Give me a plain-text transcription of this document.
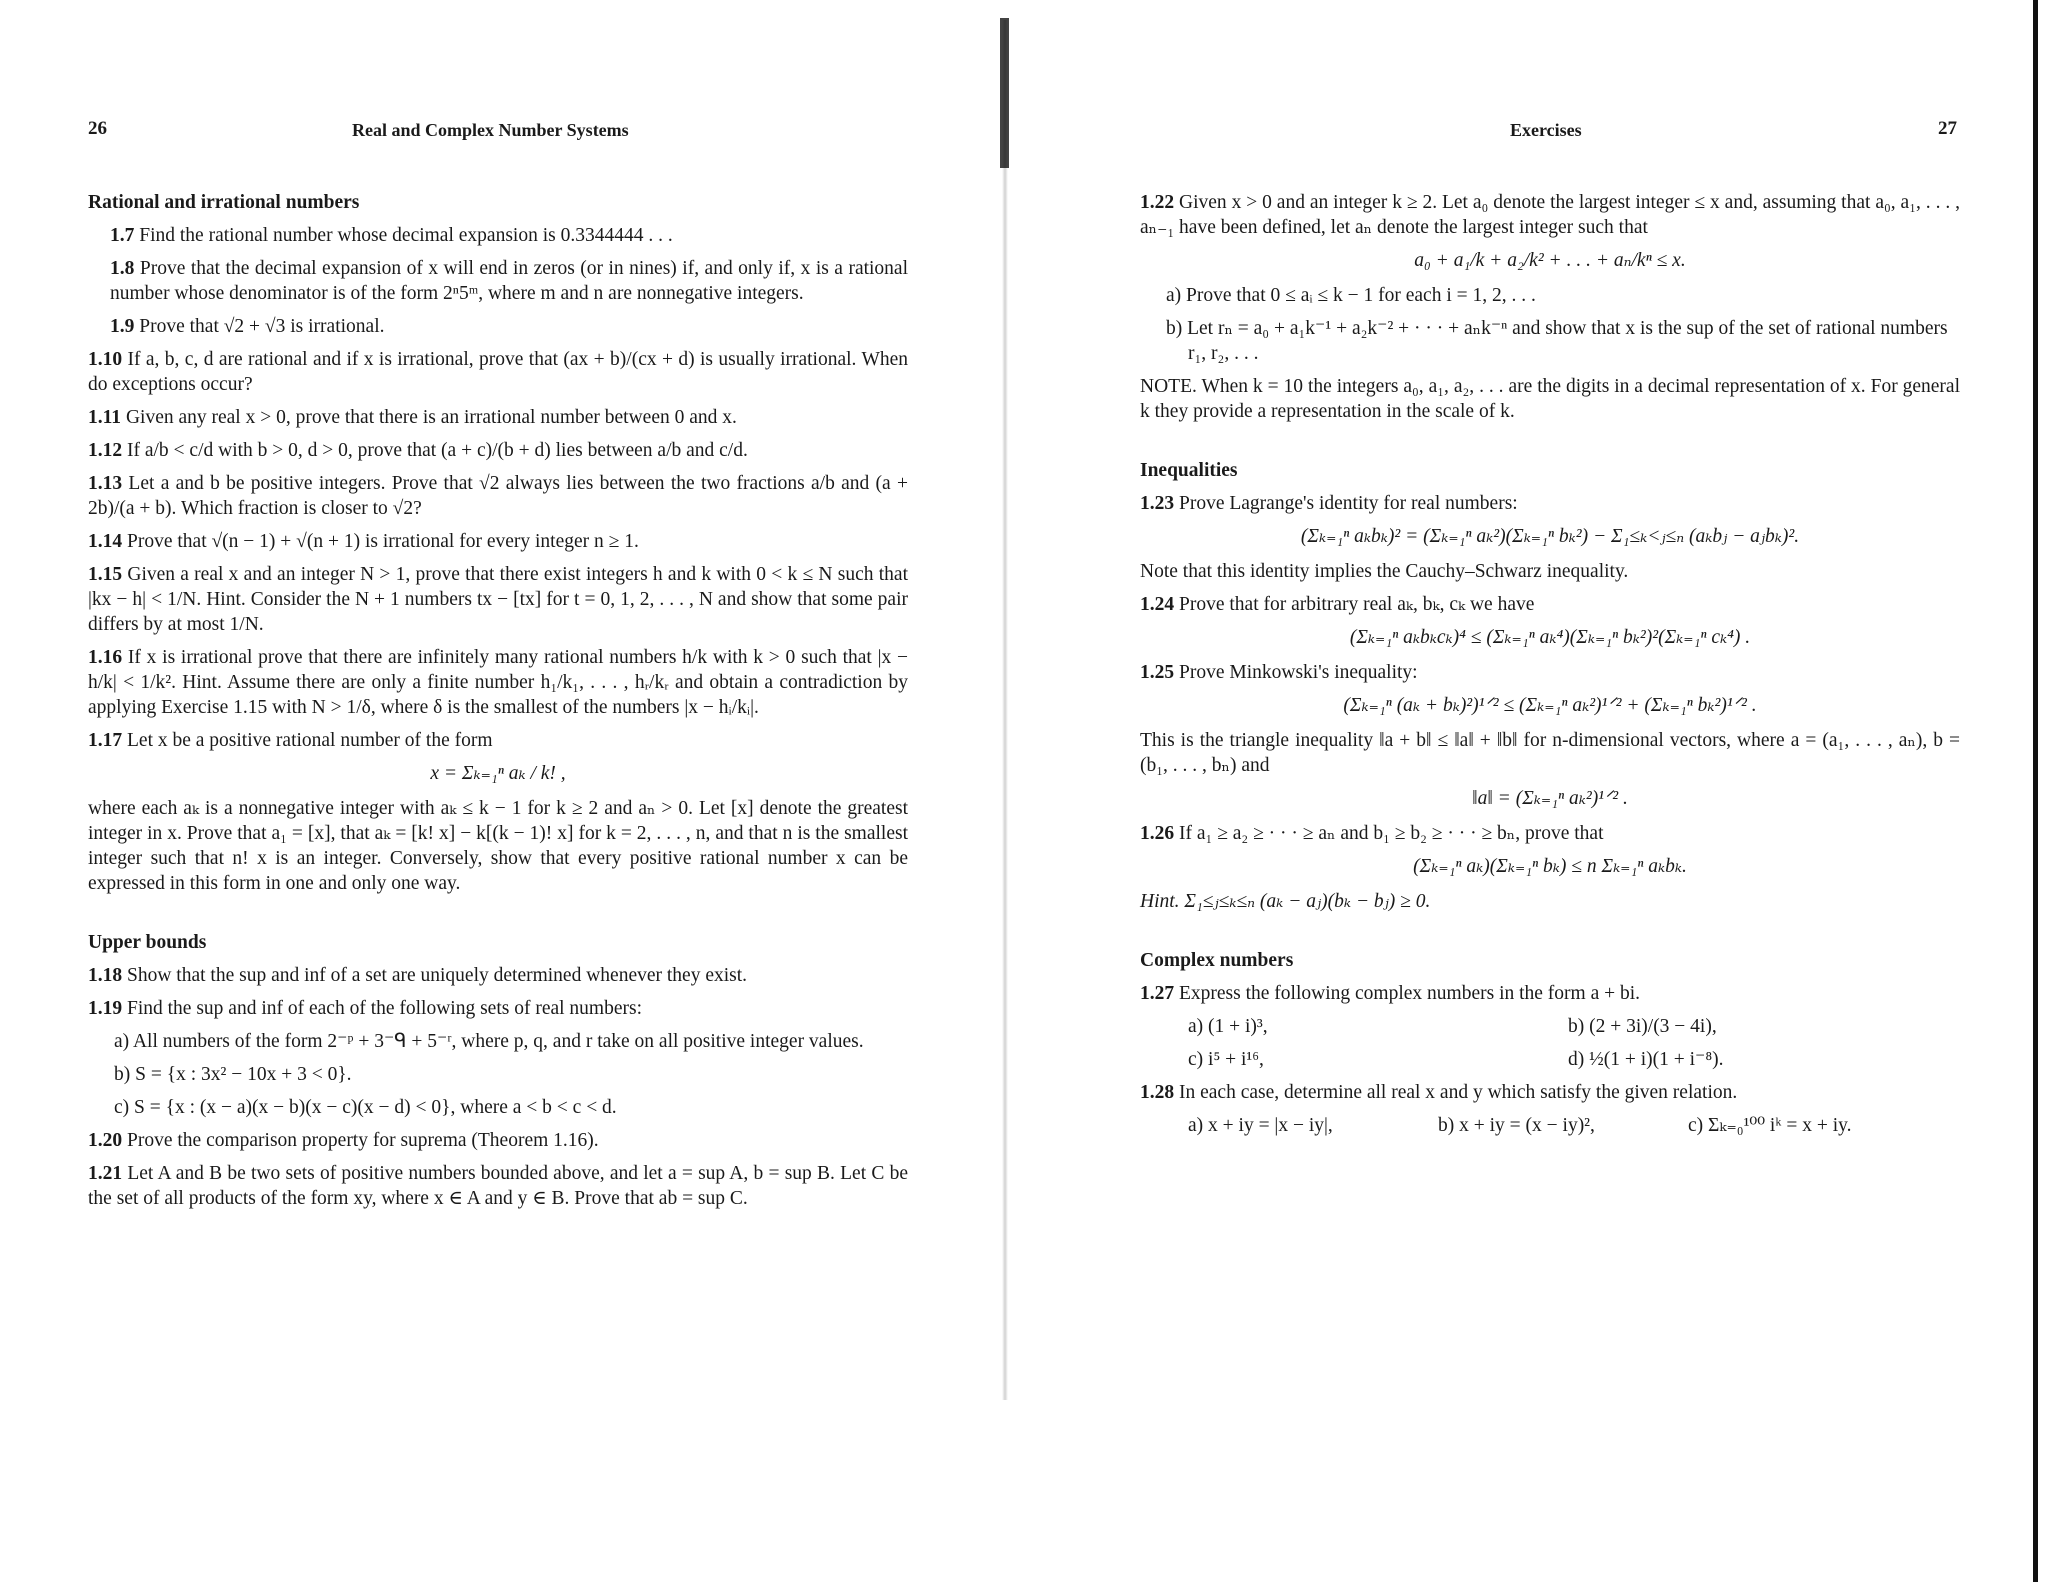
26	Real and Complex Number Systems
Rational and irrational numbers
1.7 Find the rational number whose decimal expansion is 0.3344444 . . .
1.8 Prove that the decimal expansion of x will end in zeros (or in nines) if, and only if, x is a rational number whose denominator is of the form 2ⁿ5ᵐ, where m and n are nonnegative integers.
1.9 Prove that √2 + √3 is irrational.
1.10 If a, b, c, d are rational and if x is irrational, prove that (ax + b)/(cx + d) is usually irrational. When do exceptions occur?
1.11 Given any real x > 0, prove that there is an irrational number between 0 and x.
1.12 If a/b < c/d with b > 0, d > 0, prove that (a + c)/(b + d) lies between a/b and c/d.
1.13 Let a and b be positive integers. Prove that √2 always lies between the two fractions a/b and (a + 2b)/(a + b). Which fraction is closer to √2?
1.14 Prove that √(n − 1) + √(n + 1) is irrational for every integer n ≥ 1.
1.15 Given a real x and an integer N > 1, prove that there exist integers h and k with 0 < k ≤ N such that |kx − h| < 1/N. Hint. Consider the N + 1 numbers tx − [tx] for t = 0, 1, 2, . . . , N and show that some pair differs by at most 1/N.
1.16 If x is irrational prove that there are infinitely many rational numbers h/k with k > 0 such that |x − h/k| < 1/k². Hint. Assume there are only a finite number h₁/k₁, . . . , hᵣ/kᵣ and obtain a contradiction by applying Exercise 1.15 with N > 1/δ, where δ is the smallest of the numbers |x − hᵢ/kᵢ|.
1.17 Let x be a positive rational number of the form
x = Σₖ₌₁ⁿ aₖ / k! ,
where each aₖ is a nonnegative integer with aₖ ≤ k − 1 for k ≥ 2 and aₙ > 0. Let [x] denote the greatest integer in x. Prove that a₁ = [x], that aₖ = [k! x] − k[(k − 1)! x] for k = 2, . . . , n, and that n is the smallest integer such that n! x is an integer. Conversely, show that every positive rational number x can be expressed in this form in one and only one way.
Upper bounds
1.18 Show that the sup and inf of a set are uniquely determined whenever they exist.
1.19 Find the sup and inf of each of the following sets of real numbers:
a) All numbers of the form 2⁻ᵖ + 3⁻ᑫ + 5⁻ʳ, where p, q, and r take on all positive integer values.
b) S = {x : 3x² − 10x + 3 < 0}.
c) S = {x : (x − a)(x − b)(x − c)(x − d) < 0}, where a < b < c < d.
1.20 Prove the comparison property for suprema (Theorem 1.16).
1.21 Let A and B be two sets of positive numbers bounded above, and let a = sup A, b = sup B. Let C be the set of all products of the form xy, where x ∈ A and y ∈ B. Prove that ab = sup C.
Exercises	27
1.22 Given x > 0 and an integer k ≥ 2. Let a₀ denote the largest integer ≤ x and, assuming that a₀, a₁, . . . , aₙ₋₁ have been defined, let aₙ denote the largest integer such that
a₀ + a₁/k + a₂/k² + . . . + aₙ/kⁿ ≤ x.
a) Prove that 0 ≤ aᵢ ≤ k − 1 for each i = 1, 2, . . .
b) Let rₙ = a₀ + a₁k⁻¹ + a₂k⁻² + · · · + aₙk⁻ⁿ and show that x is the sup of the set of rational numbers r₁, r₂, . . .
NOTE. When k = 10 the integers a₀, a₁, a₂, . . . are the digits in a decimal representation of x. For general k they provide a representation in the scale of k.
Inequalities
1.23 Prove Lagrange's identity for real numbers:
(Σₖ₌₁ⁿ aₖbₖ)² = (Σₖ₌₁ⁿ aₖ²)(Σₖ₌₁ⁿ bₖ²) − Σ₁≤ₖ<ⱼ≤ₙ (aₖbⱼ − aⱼbₖ)².
Note that this identity implies the Cauchy–Schwarz inequality.
1.24 Prove that for arbitrary real aₖ, bₖ, cₖ we have
(Σₖ₌₁ⁿ aₖbₖcₖ)⁴ ≤ (Σₖ₌₁ⁿ aₖ⁴)(Σₖ₌₁ⁿ bₖ²)²(Σₖ₌₁ⁿ cₖ⁴) .
1.25 Prove Minkowski's inequality:
(Σₖ₌₁ⁿ (aₖ + bₖ)²)¹ᐟ² ≤ (Σₖ₌₁ⁿ aₖ²)¹ᐟ² + (Σₖ₌₁ⁿ bₖ²)¹ᐟ² .
This is the triangle inequality ‖a + b‖ ≤ ‖a‖ + ‖b‖ for n-dimensional vectors, where a = (a₁, . . . , aₙ), b = (b₁, . . . , bₙ) and
‖a‖ = (Σₖ₌₁ⁿ aₖ²)¹ᐟ² .
1.26 If a₁ ≥ a₂ ≥ · · · ≥ aₙ and b₁ ≥ b₂ ≥ · · · ≥ bₙ, prove that
(Σₖ₌₁ⁿ aₖ)(Σₖ₌₁ⁿ bₖ) ≤ n Σₖ₌₁ⁿ aₖbₖ.
Hint. Σ₁≤ⱼ≤ₖ≤ₙ (aₖ − aⱼ)(bₖ − bⱼ) ≥ 0.
Complex numbers
1.27 Express the following complex numbers in the form a + bi.
a) (1 + i)³,	b) (2 + 3i)/(3 − 4i),
c) i⁵ + i¹⁶,	d) ½(1 + i)(1 + i⁻⁸).
1.28 In each case, determine all real x and y which satisfy the given relation.
a) x + iy = |x − iy|,	b) x + iy = (x − iy)²,	c) Σₖ₌₀¹⁰⁰ iᵏ = x + iy.
